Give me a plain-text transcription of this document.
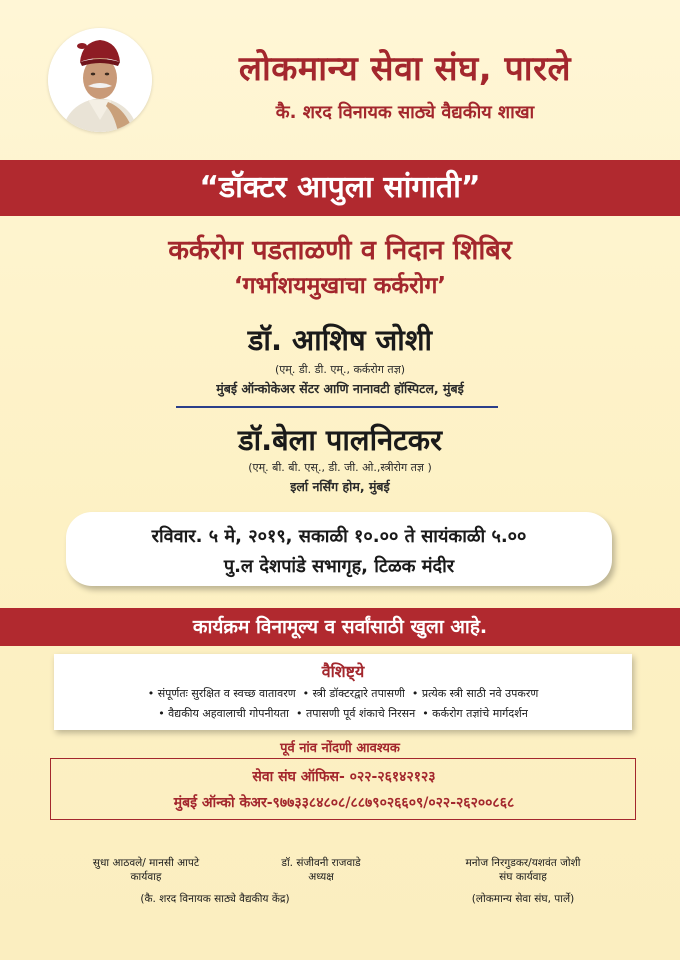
लोकमान्य सेवा संघ, पारले
कै. शरद विनायक साठ्ये वैद्यकीय शाखा
“डॉक्टर आपुला सांगाती”
कर्करोग पडताळणी व निदान शिबिर
‘गर्भाशयमुखाचा कर्करोग’
डॉ. आशिष जोशी
(एम्. डी. डी. एम्., कर्करोग तज्ञ)
मुंबई ऑन्कोकेअर सेंटर आणि नानावटी हॉस्पिटल, मुंबई
डॉ.बेला पालनिटकर
(एम्. बी. बी. एस्., डी. जी. ओ.,स्त्रीरोग तज्ञ )
इर्ला नर्सिंग होम, मुंबई
रविवार. ५ मे, २०१९, सकाळी १०.०० ते सायंकाळी ५.००
पु.ल देशपांडे सभागृह, टिळक मंदीर
कार्यक्रम विनामूल्य व सर्वांसाठी खुला आहे.
वैशिष्ट्ये
• संपूर्णतः सुरक्षित व स्वच्छ वातावरण • स्त्री डॉक्टरद्वारे तपासणी • प्रत्येक स्त्री साठी नवे उपकरण
• वैद्यकीय अहवालाची गोपनीयता • तपासणी पूर्व शंकाचे निरसन • कर्करोग तज्ञांचे मार्गदर्शन
पूर्व नांव नोंदणी आवश्यक
सेवा संघ ऑफिस- ०२२-२६१४२१२३
मुंबई ऑन्को केअर-९७७३३८४८०८/८८७९०२६६०९/०२२-२६२००८६८
सुधा आठवले/ मानसी आपटे
कार्यवाह
डॉ. संजीवनी राजवाडे
अध्यक्ष
मनोज निरगुडकर/यशवंत जोशी
संघ कार्यवाह
(कै. शरद विनायक साठ्ये वैद्यकीय केंद्र)	(लोकमान्य सेवा संघ, पार्ले)
